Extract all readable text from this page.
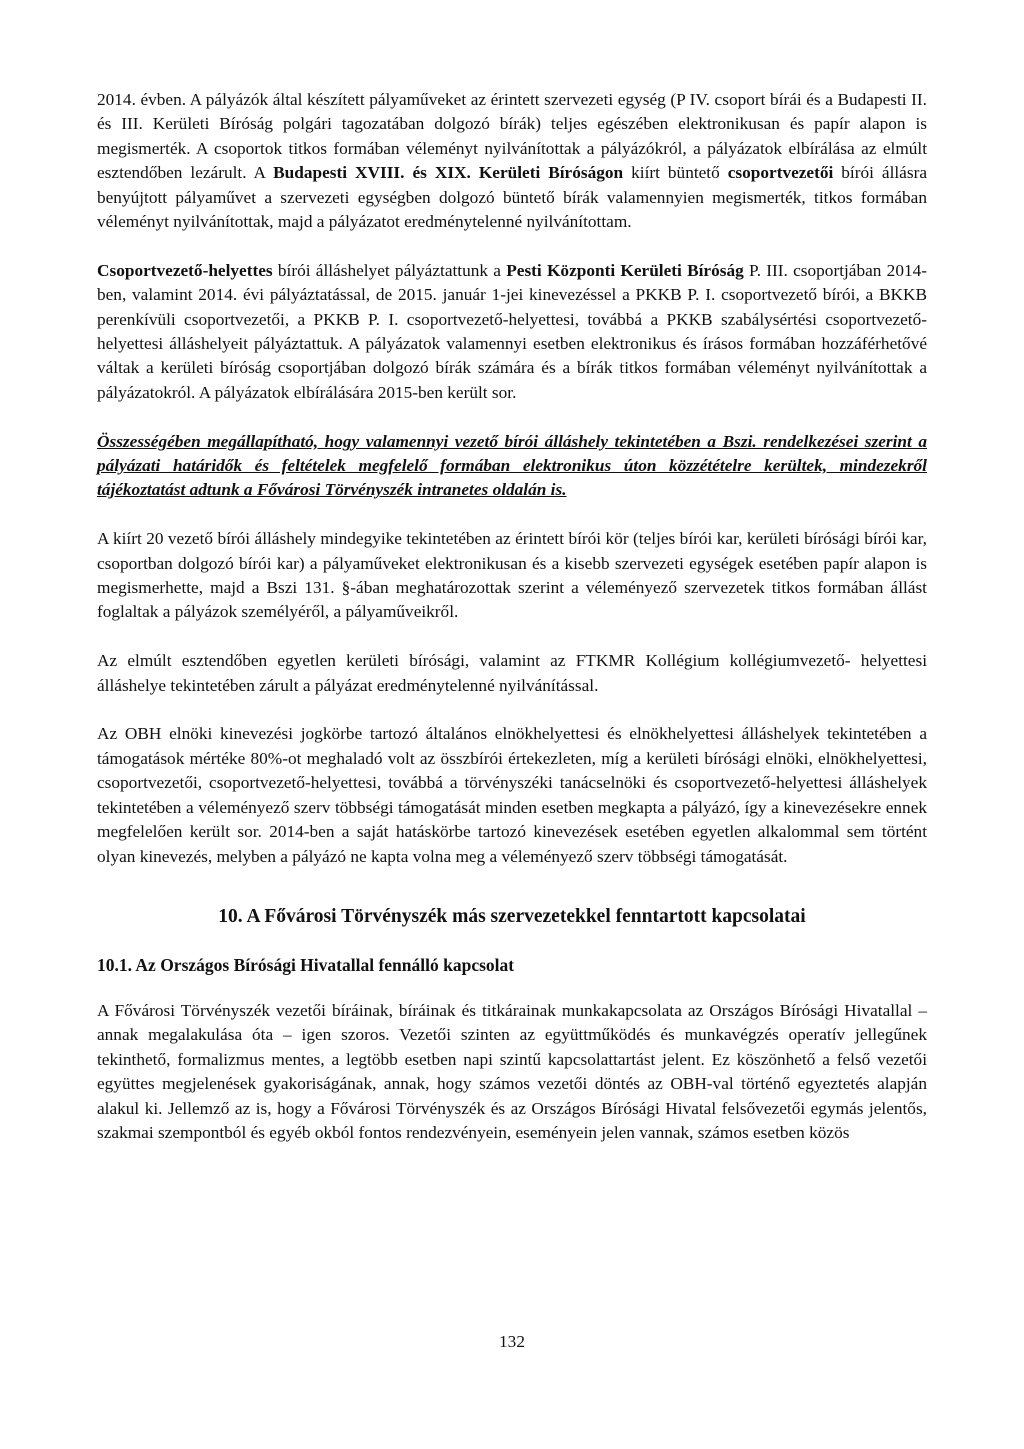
2014. évben. A pályázók által készített pályaműveket az érintett szervezeti egység (P IV. csoport bírái és a Budapesti II. és III. Kerületi Bíróság polgári tagozatában dolgozó bírák) teljes egészében elektronikusan és papír alapon is megismerték. A csoportok titkos formában véleményt nyilvánítottak a pályázókról, a pályázatok elbírálása az elmúlt esztendőben lezárult. A Budapesti XVIII. és XIX. Kerületi Bíróságon kiírt büntető csoportvezetői bírói állásra benyújtott pályaművet a szervezeti egységben dolgozó büntető bírák valamennyien megismerték, titkos formában véleményt nyilvánítottak, majd a pályázatot eredménytelenné nyilvánítottam.

Csoportvezető-helyettes bírói álláshelyet pályáztattunk a Pesti Központi Kerületi Bíróság P. III. csoportjában 2014-ben, valamint 2014. évi pályáztatással, de 2015. január 1-jei kinevezéssel a PKKB P. I. csoportvezető bírói, a BKKB perenkívüli csoportvezetői, a PKKB P. I. csoportvezető-helyettesi, továbbá a PKKB szabálysértési csoportvezető-helyettesi álláshelyeit pályáztattuk. A pályázatok valamennyi esetben elektronikus és írásos formában hozzáférhetővé váltak a kerületi bíróság csoportjában dolgozó bírák számára és a bírák titkos formában véleményt nyilvánítottak a pályázatokról. A pályázatok elbírálására 2015-ben került sor.

Összességében megállapítható, hogy valamennyi vezető bírói álláshely tekintetében a Bszi. rendelkezései szerint a pályázati határidők és feltételek megfelelő formában elektronikus úton közzétételre kerültek, mindezekről tájékoztatást adtunk a Fővárosi Törvényszék intranetes oldalán is.

A kiírt 20 vezető bírói álláshely mindegyike tekintetében az érintett bírói kör (teljes bírói kar, kerületi bírósági bírói kar, csoportban dolgozó bírói kar) a pályaműveket elektronikusan és a kisebb szervezeti egységek esetében papír alapon is megismerhette, majd a Bszi 131. §-ában meghatározottak szerint a véleményező szervezetek titkos formában állást foglaltak a pályázok személyéről, a pályaműveikről.

Az elmúlt esztendőben egyetlen kerületi bírósági, valamint az FTKMR Kollégium kollégiumvezető- helyettesi álláshelye tekintetében zárult a pályázat eredménytelenné nyilvánítással.

Az OBH elnöki kinevezési jogkörbe tartozó általános elnökhelyettesi és elnökhelyettesi álláshelyek tekintetében a támogatások mértéke 80%-ot meghaladó volt az összbírói értekezleten, míg a kerületi bírósági elnöki, elnökhelyettesi, csoportvezetői, csoportvezető-helyettesi, továbbá a törvényszéki tanácselnöki és csoportvezető-helyettesi álláshelyek tekintetében a véleményező szerv többségi támogatását minden esetben megkapta a pályázó, így a kinevezésekre ennek megfelelően került sor. 2014-ben a saját hatáskörbe tartozó kinevezések esetében egyetlen alkalommal sem történt olyan kinevezés, melyben a pályázó ne kapta volna meg a véleményező szerv többségi támogatását.

10. A Fővárosi Törvényszék más szervezetekkel fenntartott kapcsolatai
10.1. Az Országos Bírósági Hivatallal fennálló kapcsolat

A Fővárosi Törvényszék vezetői bíráinak, bíráinak és titkárainak munkakapcsolata az Országos Bírósági Hivatallal – annak megalakulása óta – igen szoros. Vezetői szinten az együttműködés és munkavégzés operatív jellegűnek tekinthető, formalizmus mentes, a legtöbb esetben napi szintű kapcsolattartást jelent. Ez köszönhető a felső vezetői együttes megjelenések gyakoriságának, annak, hogy számos vezetői döntés az OBH-val történő egyeztetés alapján alakul ki. Jellemző az is, hogy a Fővárosi Törvényszék és az Országos Bírósági Hivatal felsővezetői egymás jelentős, szakmai szempontból és egyéb okból fontos rendezvényein, eseményein jelen vannak, számos esetben közös

132
